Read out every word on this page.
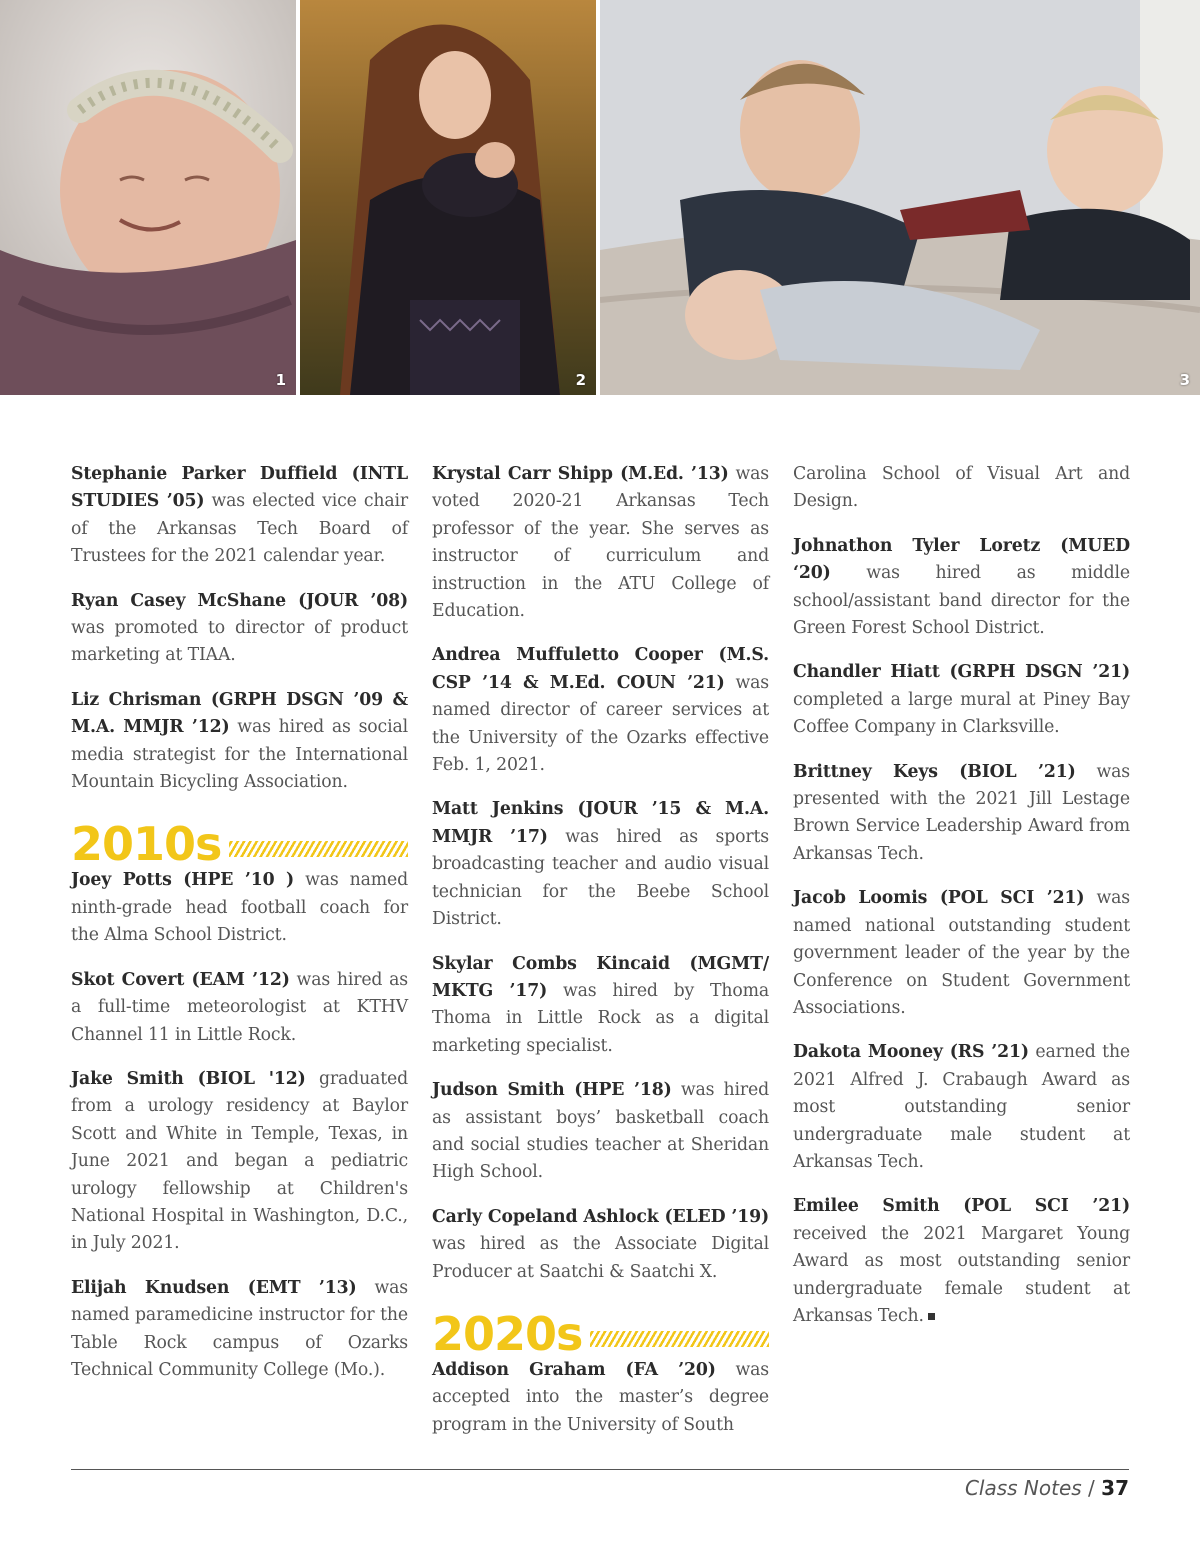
1	2	3

Stephanie Parker Duffield (INTL STUDIES ’05) was elected vice chair of the Arkansas Tech Board of Trustees for the 2021 calendar year.

Ryan Casey McShane (JOUR ’08) was promoted to director of product marketing at TIAA.

Liz Chrisman (GRPH DSGN ’09 & M.A. MMJR ’12) was hired as social media strategist for the International Mountain Bicycling Association.

2010s

Joey Potts (HPE ’10 ) was named ninth-grade head football coach for the Alma School District.

Skot Covert (EAM ’12) was hired as a full-time meteorologist at KTHV Channel 11 in Little Rock.

Jake Smith (BIOL '12) graduated from a urology residency at Baylor Scott and White in Temple, Texas, in June 2021 and began a pediatric urology fellowship at Children's National Hospital in Washington, D.C., in July 2021.

Elijah Knudsen (EMT ’13) was named paramedicine instructor for the Table Rock campus of Ozarks Technical Community College (Mo.).

Krystal Carr Shipp (M.Ed. ’13) was voted 2020-21 Arkansas Tech professor of the year. She serves as instructor of curriculum and instruction in the ATU College of Education.

Andrea Muffuletto Cooper (M.S. CSP ’14 & M.Ed. COUN ’21) was named director of career services at the University of the Ozarks effective Feb. 1, 2021.

Matt Jenkins (JOUR ’15 & M.A. MMJR ’17) was hired as sports broadcasting teacher and audio visual technician for the Beebe School District.

Skylar Combs Kincaid (MGMT/ MKTG ’17) was hired by Thoma Thoma in Little Rock as a digital marketing specialist.

Judson Smith (HPE ’18) was hired as assistant boys’ basketball coach and social studies teacher at Sheridan High School.

Carly Copeland Ashlock (ELED ’19) was hired as the Associate Digital Producer at Saatchi & Saatchi X.

2020s

Addison Graham (FA ’20) was accepted into the master’s degree program in the University of South

Carolina School of Visual Art and Design.

Johnathon Tyler Loretz (MUED ‘20) was hired as middle school/assistant band director for the Green Forest School District.

Chandler Hiatt (GRPH DSGN ’21) completed a large mural at Piney Bay Coffee Company in Clarksville.

Brittney Keys (BIOL ’21) was presented with the 2021 Jill Lestage Brown Service Leadership Award from Arkansas Tech.

Jacob Loomis (POL SCI ’21) was named national outstanding student government leader of the year by the Conference on Student Government Associations.

Dakota Mooney (RS ’21) earned the 2021 Alfred J. Crabaugh Award as most outstanding senior undergraduate male student at Arkansas Tech.

Emilee Smith (POL SCI ’21) received the 2021 Margaret Young Award as most outstanding senior undergraduate female student at Arkansas Tech.

Class Notes / 37
